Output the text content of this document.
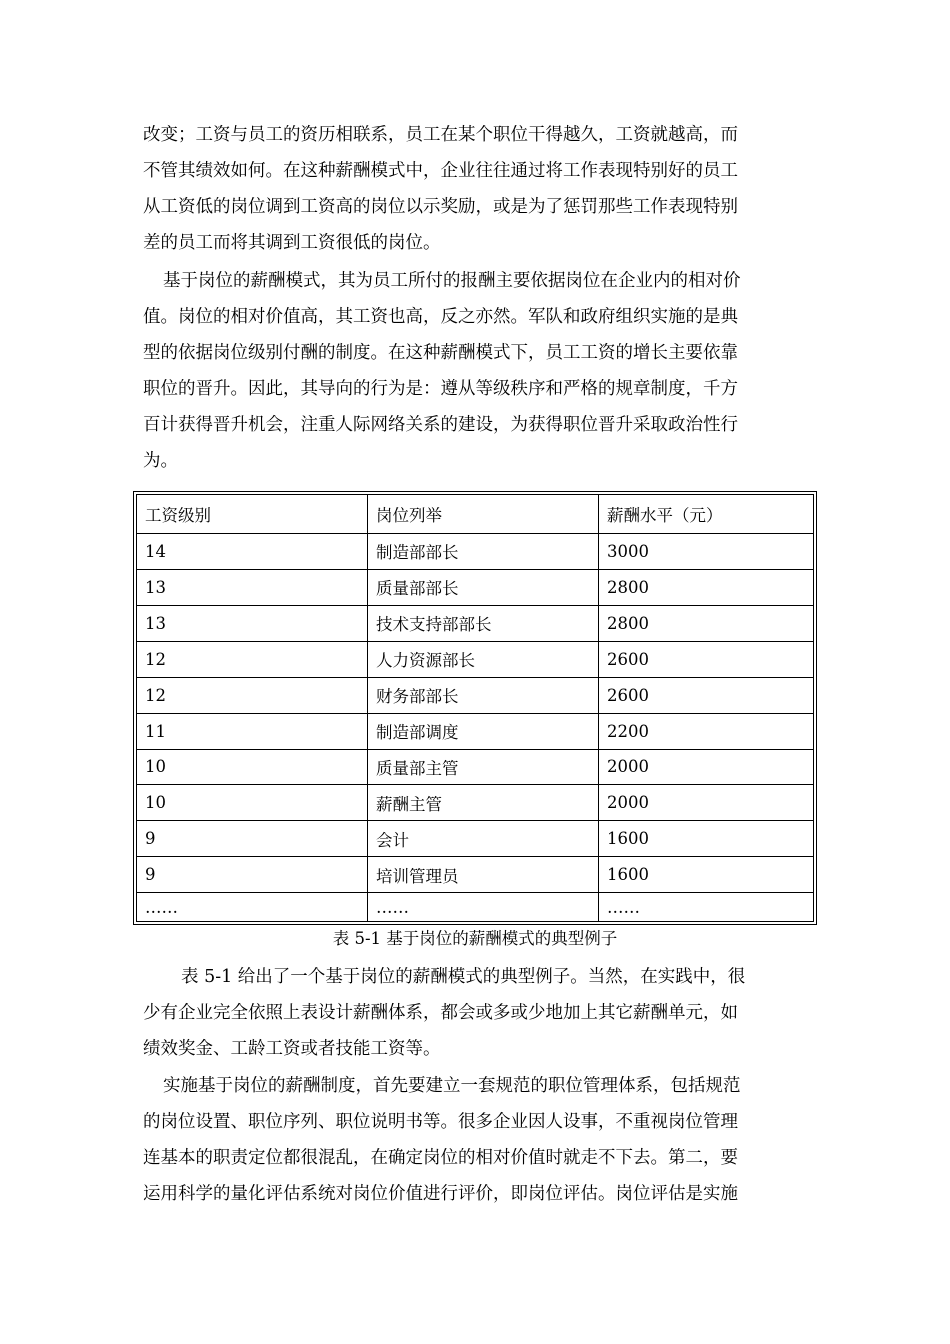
改变；工资与员工的资历相联系，员工在某个职位干得越久，工资就越高，而
不管其绩效如何。在这种薪酬模式中，企业往往通过将工作表现特别好的员工
从工资低的岗位调到工资高的岗位以示奖励，或是为了惩罚那些工作表现特别
差的员工而将其调到工资很低的岗位。
基于岗位的薪酬模式，其为员工所付的报酬主要依据岗位在企业内的相对价
值。岗位的相对价值高，其工资也高，反之亦然。军队和政府组织实施的是典
型的依据岗位级别付酬的制度。在这种薪酬模式下，员工工资的增长主要依靠
职位的晋升。因此，其导向的行为是：遵从等级秩序和严格的规章制度，千方
百计获得晋升机会，注重人际网络关系的建设，为获得职位晋升采取政治性行
为。
工资级别	岗位列举	薪酬水平（元）
14	制造部部长	3000
13	质量部部长	2800
13	技术支持部部长	2800
12	人力资源部长	2600
12	财务部部长	2600
11	制造部调度	2200
10	质量部主管	2000
10	薪酬主管	2000
9	会计	1600
9	培训管理员	1600
……	……	……
表 5-1 基于岗位的薪酬模式的典型例子
表 5-1 给出了一个基于岗位的薪酬模式的典型例子。当然，在实践中，很
少有企业完全依照上表设计薪酬体系，都会或多或少地加上其它薪酬单元，如
绩效奖金、工龄工资或者技能工资等。
实施基于岗位的薪酬制度，首先要建立一套规范的职位管理体系，包括规范
的岗位设置、职位序列、职位说明书等。很多企业因人设事，不重视岗位管理
连基本的职责定位都很混乱，在确定岗位的相对价值时就走不下去。第二，要
运用科学的量化评估系统对岗位价值进行评价，即岗位评估。岗位评估是实施
